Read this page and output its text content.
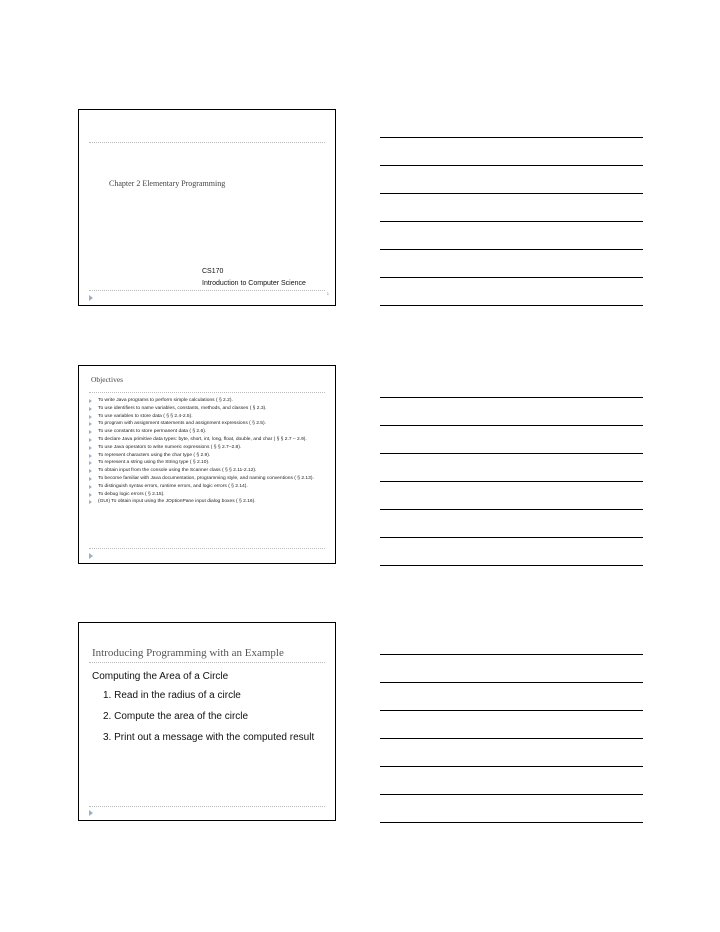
Chapter 2 Elementary Programming
CS170
Introduction to Computer Science
1
Objectives
To write Java programs to perform simple calculations ( § 2.2).
To use identifiers to name variables, constants, methods, and classes ( § 2.3).
To use variables to store data ( § § 2.4-2.5).
To program with assignment statements and assignment expressions ( § 2.5).
To use constants to store permanent data ( § 2.6).
To declare Java primitive data types: byte, short, int, long, float, double, and char ( § § 2.7 – 2.9).
To use Java operators to write numeric expressions ( § § 2.7–2.8).
To represent characters using the char type ( § 2.9).
To represent a string using the String type ( § 2.10).
To obtain input from the console using the Scanner class ( § § 2.11-2.12).
To become familiar with Java documentation, programming style, and naming conventions ( § 2.13).
To distinguish syntax errors, runtime errors, and logic errors ( § 2.14).
To debug logic errors ( § 2.15).
(GUI) To obtain input using the JOptionPane input dialog boxes ( § 2.16).
Introducing Programming with an Example
Computing the Area of a Circle
1. Read in the radius of a circle
2. Compute the area of the circle
3. Print out a message with the computed result
